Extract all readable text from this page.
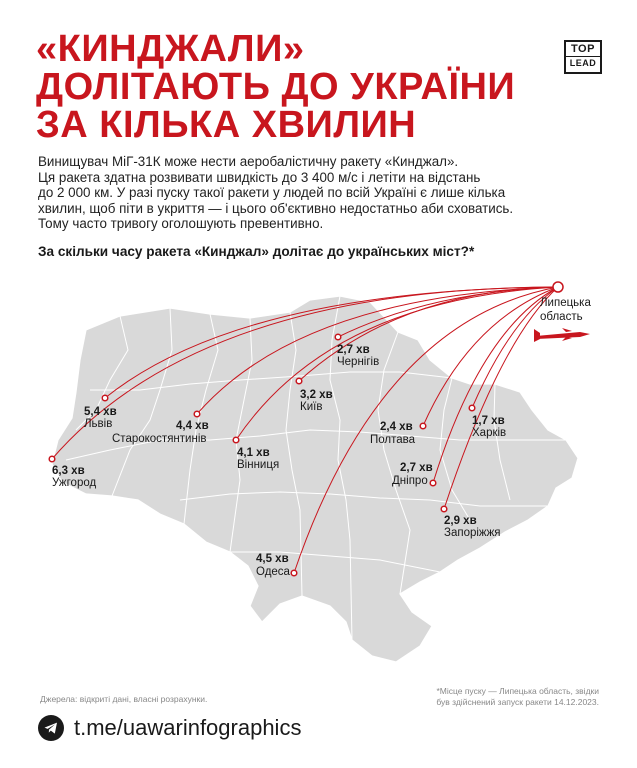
«КИНДЖАЛИ»
ДОЛІТАЮТЬ ДО УКРАЇНИ
ЗА КІЛЬКА ХВИЛИН
TOP
LEAD
Винищувач МіГ-31К може нести аеробалістичну ракету «Кинджал».
Ця ракета здатна розвивати швидкість до 3 400 м/с і летіти на відстань
до 2 000 км. У разі пуску такої ракети у людей по всій Україні є лише кілька
хвилин, щоб піти в укриття — і цього об'єктивно недостатньо аби сховатись.
Тому часто тривогу оголошують превентивно.
За скільки часу ракета «Кинджал» долітає до українських міст?*
Липецька
область
2,7 хв
Чернігів
3,2 хв
Київ
1,7 хв
Харків
2,4 хв
Полтава
2,7 хв
Дніпро
2,9 хв
Запоріжжя
4,1 хв
Вінниця
4,4 хв
Старокостянтинів
5,4 хв
Львів
6,3 хв
Ужгород
4,5 хв
Одеса
Джерела: відкриті дані, власні розрахунки.
*Місце пуску — Липецька область, звідки
був здійснений запуск ракети 14.12.2023.
t.me/uawarinfographics
